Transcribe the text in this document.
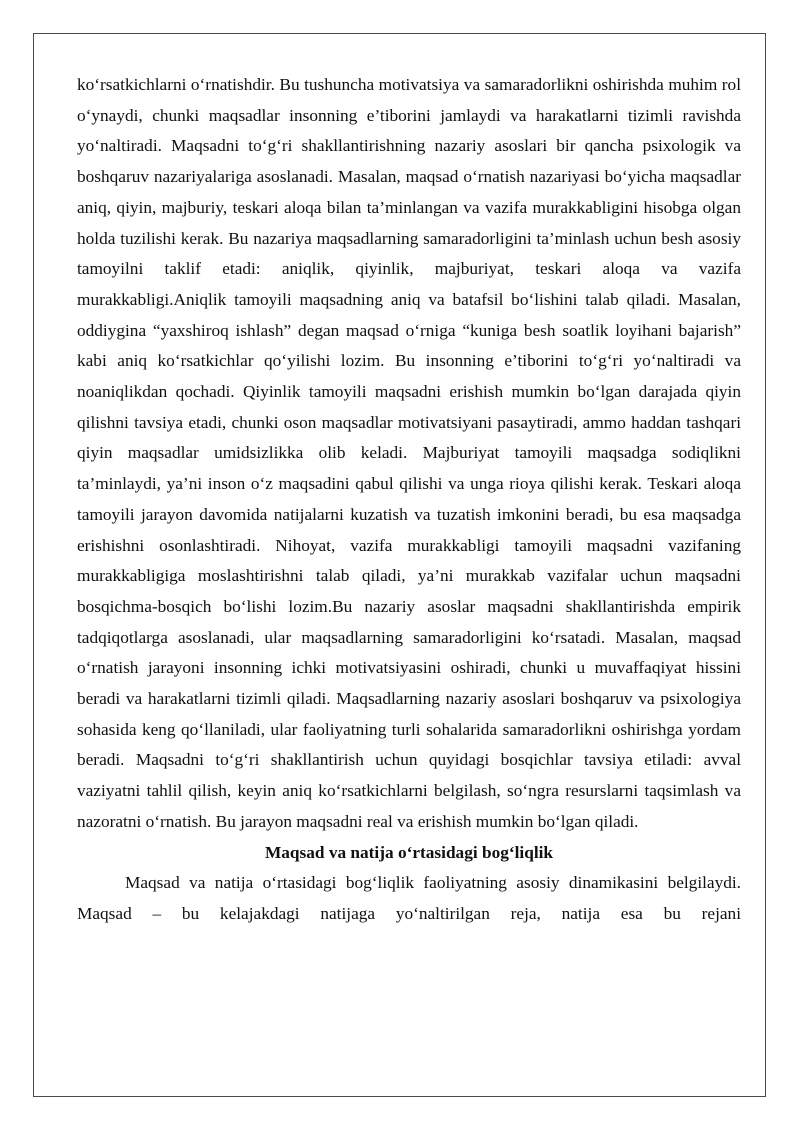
ko‘rsatkichlarni o‘rnatishdir. Bu tushuncha motivatsiya va samaradorlikni oshirishda muhim rol o‘ynaydi, chunki maqsadlar insonning e’tiborini jamlaydi va harakatlarni tizimli ravishda yo‘naltiradi. Maqsadni to‘g‘ri shakllantirishning nazariy asoslari bir qancha psixologik va boshqaruv nazariyalariga asoslanadi. Masalan, maqsad o‘rnatish nazariyasi bo‘yicha maqsadlar aniq, qiyin, majburiy, teskari aloqa bilan ta’minlangan va vazifa murakkabligini hisobga olgan holda tuzilishi kerak. Bu nazariya maqsadlarning samaradorligini ta’minlash uchun besh asosiy tamoyilni taklif etadi: aniqlik, qiyinlik, majburiyat, teskari aloqa va vazifa murakkabligi.Aniqlik tamoyili maqsadning aniq va batafsil bo‘lishini talab qiladi. Masalan, oddiygina “yaxshiroq ishlash” degan maqsad o‘rniga “kuniga besh soatlik loyihani bajarish” kabi aniq ko‘rsatkichlar qo‘yilishi lozim. Bu insonning e’tiborini to‘g‘ri yo‘naltiradi va noaniqlikdan qochadi. Qiyinlik tamoyili maqsadni erishish mumkin bo‘lgan darajada qiyin qilishni tavsiya etadi, chunki oson maqsadlar motivatsiyani pasaytiradi, ammo haddan tashqari qiyin maqsadlar umidsizlikka olib keladi. Majburiyat tamoyili maqsadga sodiqlikni ta’minlaydi, ya’ni inson o‘z maqsadini qabul qilishi va unga rioya qilishi kerak. Teskari aloqa tamoyili jarayon davomida natijalarni kuzatish va tuzatish imkonini beradi, bu esa maqsadga erishishni osonlashtiradi. Nihoyat, vazifa murakkabligi tamoyili maqsadni vazifaning murakkabligiga moslashtirishni talab qiladi, ya’ni murakkab vazifalar uchun maqsadni bosqichma-bosqich bo‘lishi lozim.Bu nazariy asoslar maqsadni shakllantirishda empirik tadqiqotlarga asoslanadi, ular maqsadlarning samaradorligini ko‘rsatadi. Masalan, maqsad o‘rnatish jarayoni insonning ichki motivatsiyasini oshiradi, chunki u muvaffaqiyat hissini beradi va harakatlarni tizimli qiladi. Maqsadlarning nazariy asoslari boshqaruv va psixologiya sohasida keng qo‘llaniladi, ular faoliyatning turli sohalarida samaradorlikni oshirishga yordam beradi. Maqsadni to‘g‘ri shakllantirish uchun quyidagi bosqichlar tavsiya etiladi: avval vaziyatni tahlil qilish, keyin aniq ko‘rsatkichlarni belgilash, so‘ngra resurslarni taqsimlash va nazoratni o‘rnatish. Bu jarayon maqsadni real va erishish mumkin bo‘lgan qiladi.

Maqsad va natija o‘rtasidagi bog‘liqlik

Maqsad va natija o‘rtasidagi bog‘liqlik faoliyatning asosiy dinamikasini belgilaydi. Maqsad – bu kelajakdagi natijaga yo‘naltirilgan reja, natija esa bu rejani
